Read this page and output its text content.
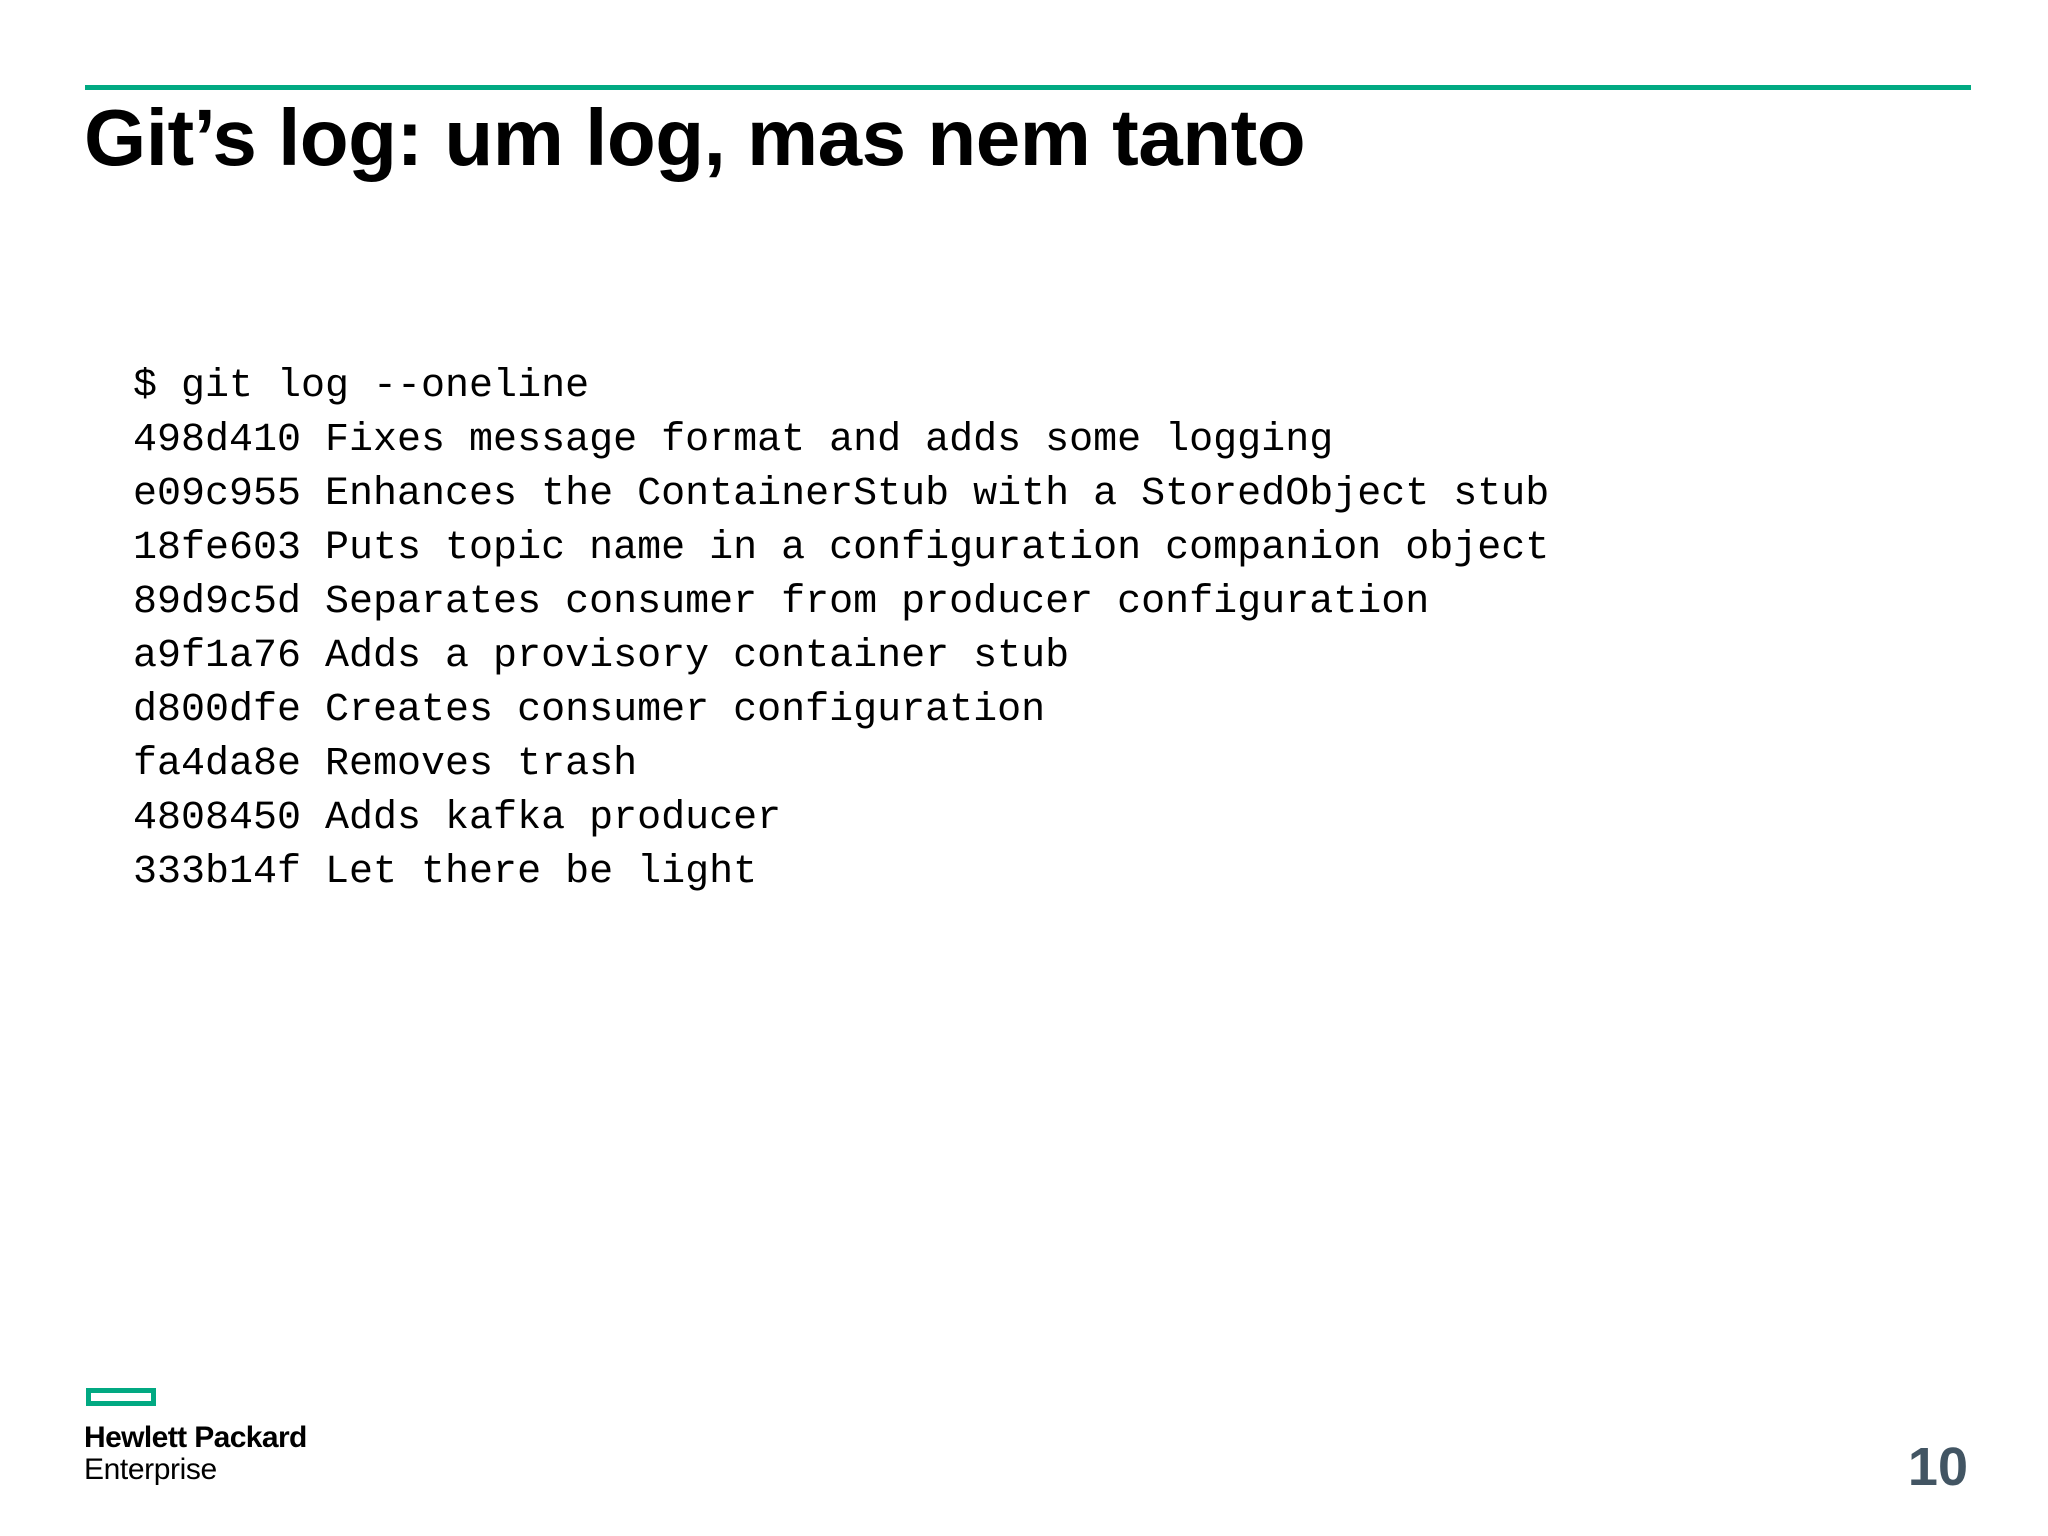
Git’s log: um log, mas nem tanto
$ git log --oneline
498d410 Fixes message format and adds some logging
e09c955 Enhances the ContainerStub with a StoredObject stub
18fe603 Puts topic name in a configuration companion object
89d9c5d Separates consumer from producer configuration
a9f1a76 Adds a provisory container stub
d800dfe Creates consumer configuration
fa4da8e Removes trash
4808450 Adds kafka producer
333b14f Let there be light
Hewlett Packard
Enterprise	10
